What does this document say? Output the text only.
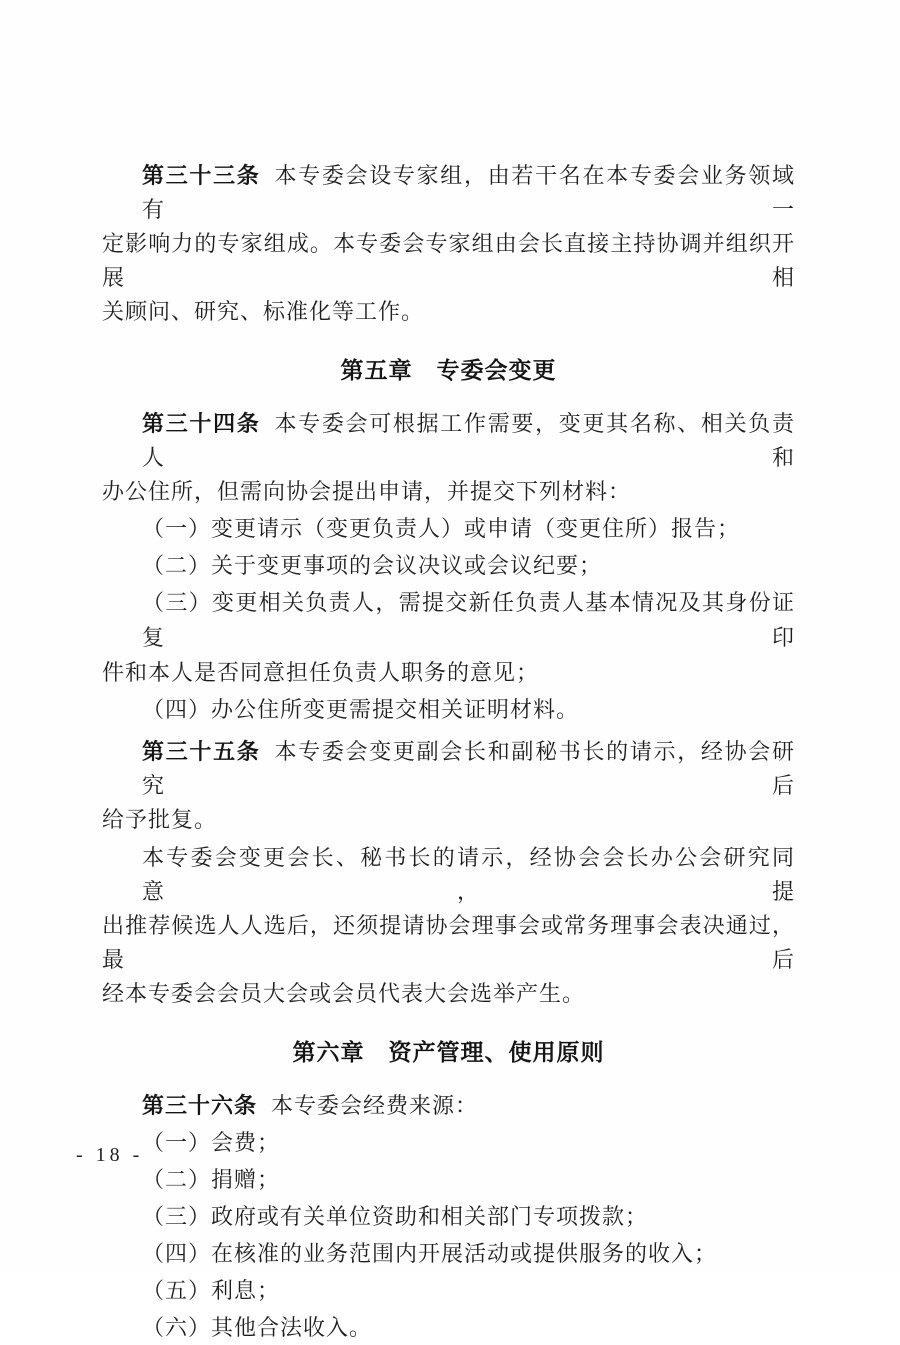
第三十三条 本专委会设专家组，由若干名在本专委会业务领域有一
定影响力的专家组成。本专委会专家组由会长直接主持协调并组织开展相
关顾问、研究、标准化等工作。
第五章　专委会变更
第三十四条 本专委会可根据工作需要，变更其名称、相关负责人和
办公住所，但需向协会提出申请，并提交下列材料：
（一）变更请示（变更负责人）或申请（变更住所）报告；
（二）关于变更事项的会议决议或会议纪要；
（三）变更相关负责人，需提交新任负责人基本情况及其身份证复印
件和本人是否同意担任负责人职务的意见；
（四）办公住所变更需提交相关证明材料。
第三十五条 本专委会变更副会长和副秘书长的请示，经协会研究后
给予批复。
本专委会变更会长、秘书长的请示，经协会会长办公会研究同意，提
出推荐候选人人选后，还须提请协会理事会或常务理事会表决通过，最后
经本专委会会员大会或会员代表大会选举产生。
第六章　资产管理、使用原则
第三十六条 本专委会经费来源：
（一）会费；
（二）捐赠；
（三）政府或有关单位资助和相关部门专项拨款；
（四）在核准的业务范围内开展活动或提供服务的收入；
（五）利息；
（六）其他合法收入。
- 18 -
